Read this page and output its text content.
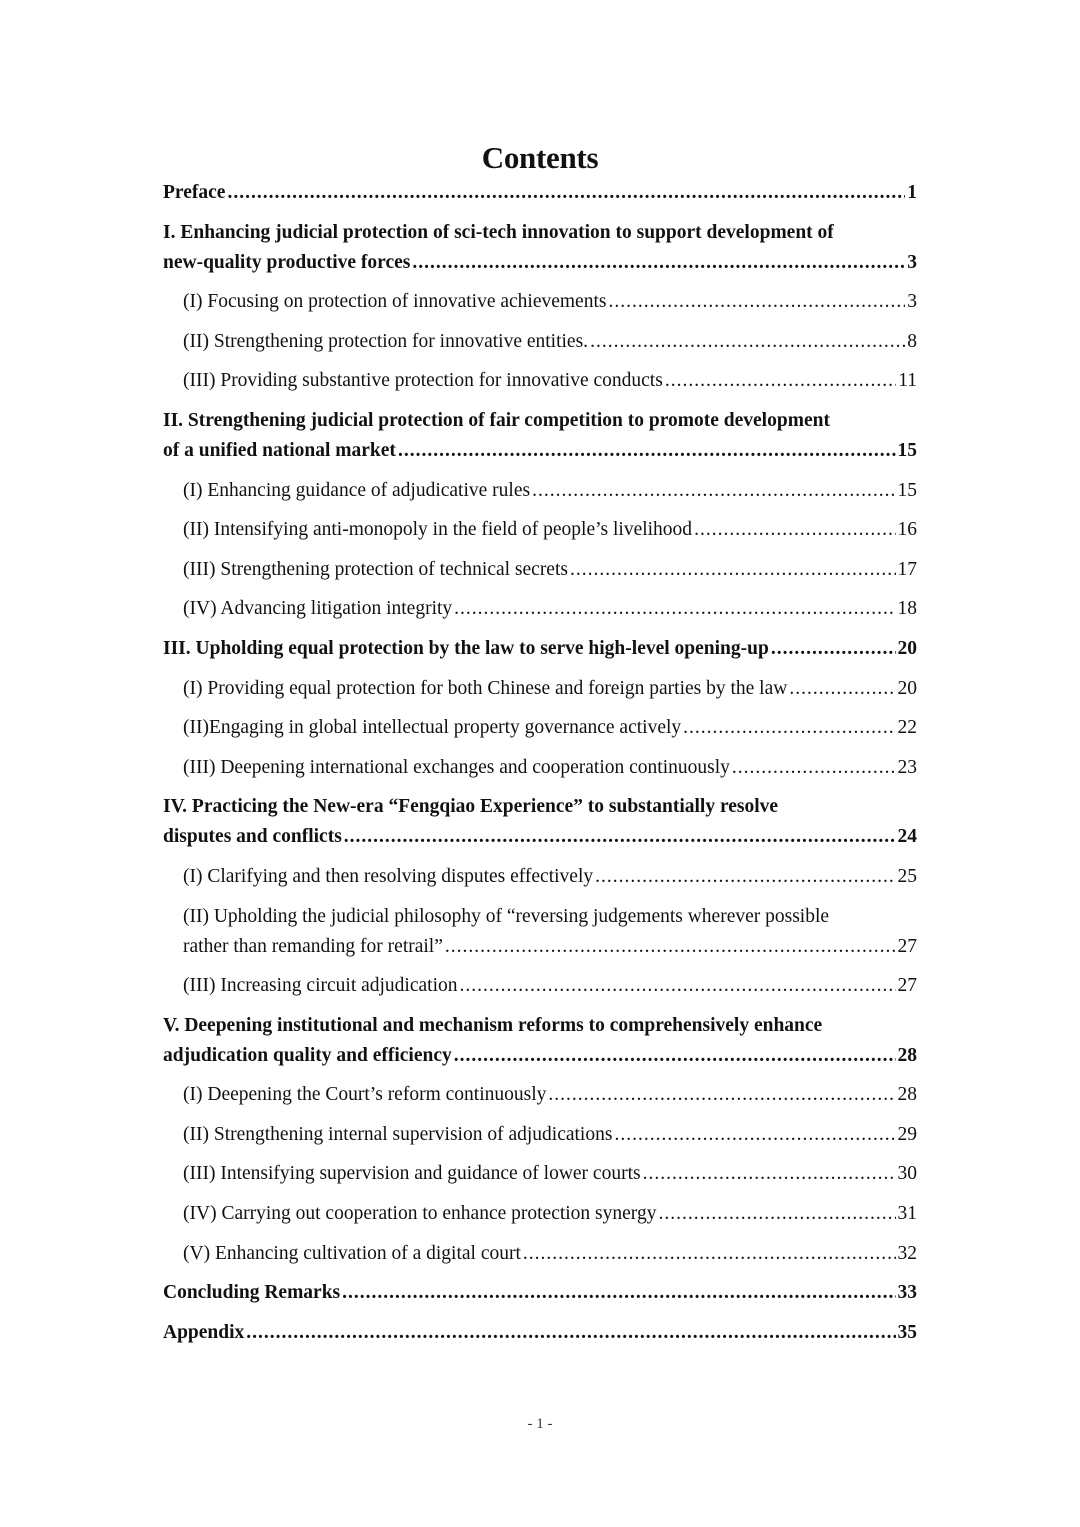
Contents
Preface .....	1
I. Enhancing judicial protection of sci-tech innovation to support development of
new-quality productive forces .....	3
(I) Focusing on protection of innovative achievements .....	3
(II) Strengthening protection for innovative entities. .....	8
(III) Providing substantive protection for innovative conducts .....	11
II. Strengthening judicial protection of fair competition to promote development
of a unified national market .....	15
(I) Enhancing guidance of adjudicative rules .....	15
(II) Intensifying anti-monopoly in the field of people’s livelihood .....	16
(III) Strengthening protection of technical secrets .....	17
(IV) Advancing litigation integrity .....	18
III. Upholding equal protection by the law to serve high-level opening-up .....	20
(I) Providing equal protection for both Chinese and foreign parties by the law .....	20
(II)Engaging in global intellectual property governance actively .....	22
(III) Deepening international exchanges and cooperation continuously .....	23
IV. Practicing the New-era “Fengqiao Experience” to substantially resolve
disputes and conflicts .....	24
(I) Clarifying and then resolving disputes effectively .....	25
(II) Upholding the judicial philosophy of “reversing judgements wherever possible
rather than remanding for retrail” .....	27
(III) Increasing circuit adjudication .....	27
V. Deepening institutional and mechanism reforms to comprehensively enhance
adjudication quality and efficiency .....	28
(I) Deepening the Court’s reform continuously .....	28
(II) Strengthening internal supervision of adjudications .....	29
(III) Intensifying supervision and guidance of lower courts .....	30
(IV) Carrying out cooperation to enhance protection synergy .....	31
(V) Enhancing cultivation of a digital court .....	32
Concluding Remarks .....	33
Appendix .....	35
- 1 -
